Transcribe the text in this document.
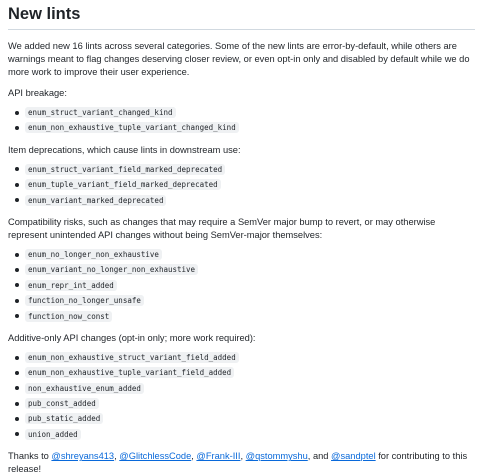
New lints

We added new 16 lints across several categories. Some of the new lints are error-by-default, while others are warnings meant to flag changes deserving closer review, or even opt-in only and disabled by default while we do more work to improve their user experience.

API breakage:

enum_struct_variant_changed_kind
enum_non_exhaustive_tuple_variant_changed_kind

Item deprecations, which cause lints in downstream use:

enum_struct_variant_field_marked_deprecated
enum_tuple_variant_field_marked_deprecated
enum_variant_marked_deprecated

Compatibility risks, such as changes that may require a SemVer major bump to revert, or may otherwise represent unintended API changes without being SemVer-major themselves:

enum_no_longer_non_exhaustive
enum_variant_no_longer_non_exhaustive
enum_repr_int_added
function_no_longer_unsafe
function_now_const

Additive-only API changes (opt-in only; more work required):

enum_non_exhaustive_struct_variant_field_added
enum_non_exhaustive_tuple_variant_field_added
non_exhaustive_enum_added
pub_const_added
pub_static_added
union_added

Thanks to @shreyans413, @GlitchlessCode, @Frank-III, @qstommyshu, and @sandptel for contributing to this release!
